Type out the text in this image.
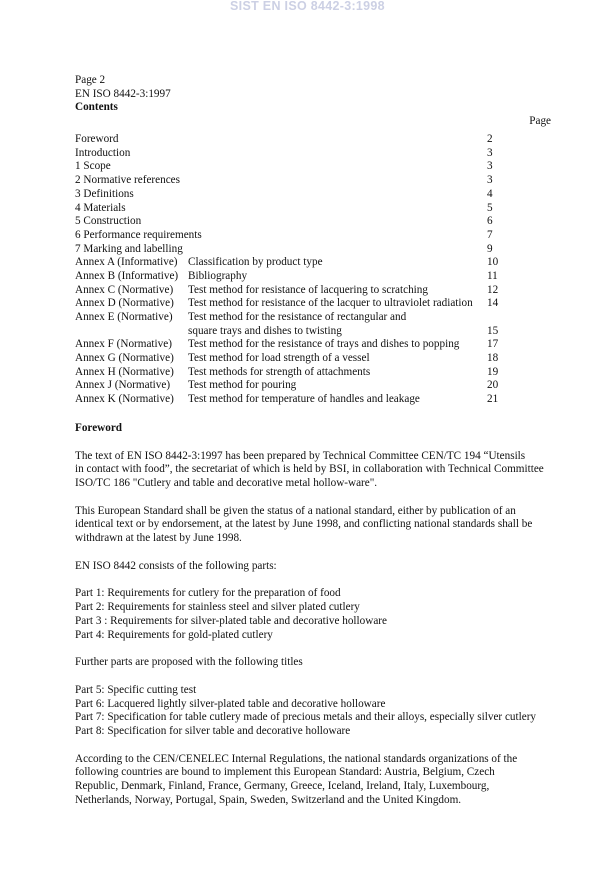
SIST EN ISO 8442-3:1998
Page 2
EN ISO 8442-3:1997
Contents
Page
Foreword	2
Introduction	3
1 Scope	3
2 Normative references	3
3 Definitions	4
4 Materials	5
5 Construction	6
6 Performance requirements	7
7 Marking and labelling	9
Annex A (Informative) Classification by product type	10
Annex B (Informative) Bibliography	11
Annex C (Normative) Test method for resistance of lacquering to scratching	12
Annex D (Normative) Test method for resistance of the lacquer to ultraviolet radiation 14
Annex E (Normative) Test method for the resistance of rectangular and
square trays and dishes to twisting	15
Annex F (Normative) Test method for the resistance of trays and dishes to popping 17
Annex G (Normative) Test method for load strength of a vessel	18
Annex H (Normative) Test methods for strength of attachments	19
Annex J (Normative) Test method for pouring	20
Annex K (Normative) Test method for temperature of handles and leakage	21
Foreword

The text of EN ISO 8442-3:1997 has been prepared by Technical Committee CEN/TC 194 “Utensils
in contact with food”, the secretariat of which is held by BSI, in collaboration with Technical Committee
ISO/TC 186 "Cutlery and table and decorative metal hollow-ware".

This European Standard shall be given the status of a national standard, either by publication of an
identical text or by endorsement, at the latest by June 1998, and conflicting national standards shall be
withdrawn at the latest by June 1998.

EN ISO 8442 consists of the following parts:

Part 1: Requirements for cutlery for the preparation of food
Part 2: Requirements for stainless steel and silver plated cutlery
Part 3 : Requirements for silver-plated table and decorative holloware
Part 4: Requirements for gold-plated cutlery

Further parts are proposed with the following titles

Part 5: Specific cutting test
Part 6: Lacquered lightly silver-plated table and decorative holloware
Part 7: Specification for table cutlery made of precious metals and their alloys, especially silver cutlery
Part 8: Specification for silver table and decorative holloware

According to the CEN/CENELEC Internal Regulations, the national standards organizations of the
following countries are bound to implement this European Standard: Austria, Belgium, Czech
Republic, Denmark, Finland, France, Germany, Greece, Iceland, Ireland, Italy, Luxembourg,
Netherlands, Norway, Portugal, Spain, Sweden, Switzerland and the United Kingdom.
